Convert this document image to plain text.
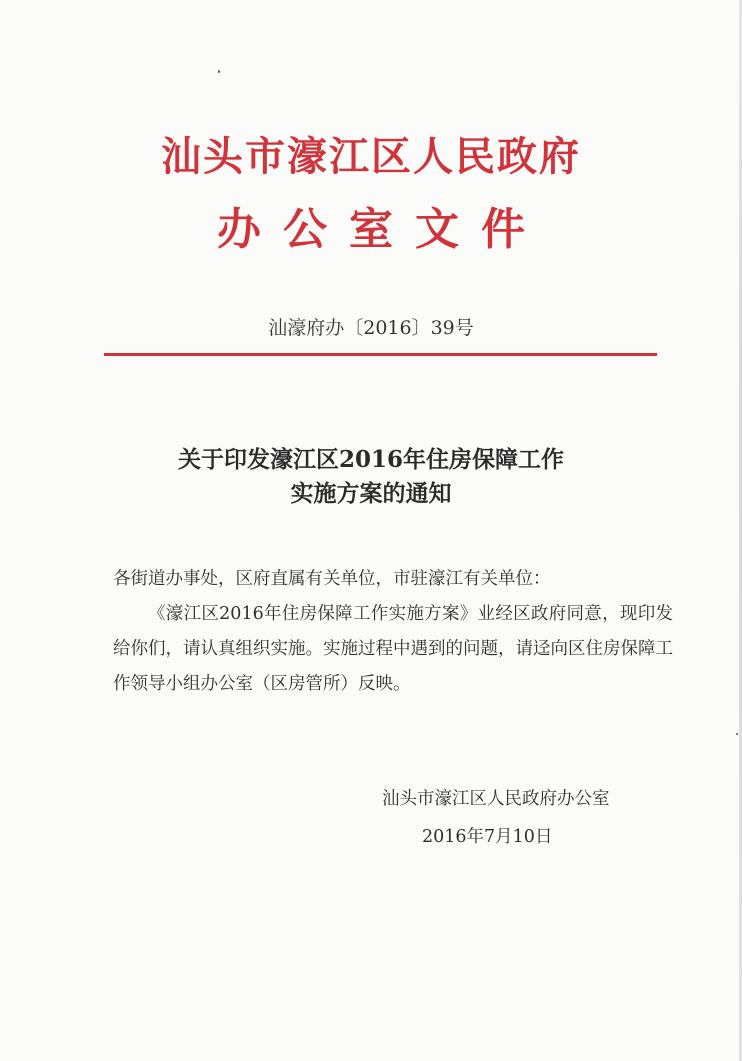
汕头市濠江区人民政府
办公室文件
汕濠府办〔2016〕39号
关于印发濠江区2016年住房保障工作
实施方案的通知

各街道办事处，区府直属有关单位，市驻濠江有关单位：

《濠江区2016年住房保障工作实施方案》业经区政府同意，现印发给你们，请认真组织实施。实施过程中遇到的问题，请迳向区住房保障工作领导小组办公室（区房管所）反映。

汕头市濠江区人民政府办公室
2016年7月10日
